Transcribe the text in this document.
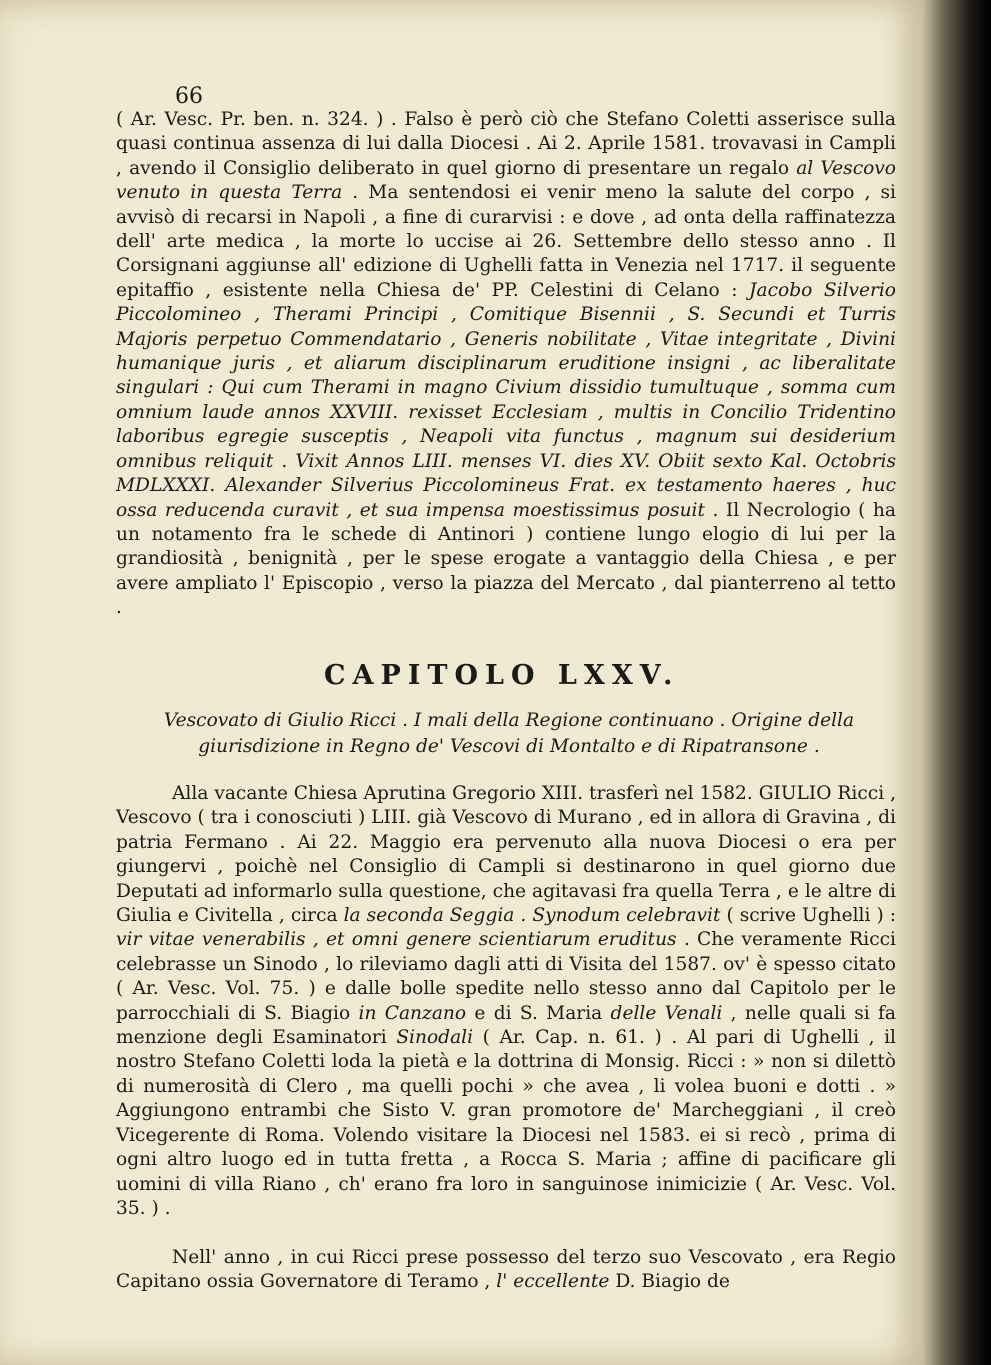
66

( Ar. Vesc. Pr. ben. n. 324. ) . Falso è però ciò che Stefano Coletti asserisce sulla quasi continua assenza di lui dalla Diocesi . Ai 2. Aprile 1581. trovavasi in Campli , avendo il Consiglio deliberato in quel giorno di presentare un regalo al Vescovo venuto in questa Terra . Ma sentendosi ei venir meno la salute del corpo , si avvisò di recarsi in Napoli , a fine di curarvisi : e dove , ad onta della raffinatezza dell' arte medica , la morte lo uccise ai 26. Settembre dello stesso anno . Il Corsignani aggiunse all' edizione di Ughelli fatta in Venezia nel 1717. il seguente epitaffio , esistente nella Chiesa de' PP. Celestini di Celano : Jacobo Silverio Piccolomineo , Therami Principi , Comitique Bisennii , S. Secundi et Turris Majoris perpetuo Commendatario , Generis nobilitate , Vitae integritate , Divini humanique juris , et aliarum disciplinarum eruditione insigni , ac liberalitate singulari : Qui cum Therami in magno Civium dissidio tumultuque , somma cum omnium laude annos XXVIII. rexisset Ecclesiam , multis in Concilio Tridentino laboribus egregie susceptis , Neapoli vita functus , magnum sui desiderium omnibus reliquit . Vixit Annos LIII. menses VI. dies XV. Obiit sexto Kal. Octobris MDLXXXI. Alexander Silverius Piccolomineus Frat. ex testamento haeres , huc ossa reducenda curavit , et sua impensa moestissimus posuit . Il Necrologio ( ha un notamento fra le schede di Antinori ) contiene lungo elogio di lui per la grandiosità , benignità , per le spese erogate a vantaggio della Chiesa , e per avere ampliato l' Episcopio , verso la piazza del Mercato , dal pianterreno al tetto .

Alla vacante Chiesa Aprutina Gregorio XIII. trasferì nel 1582. GIULIO Ricci , Vescovo ( tra i conosciuti ) LIII. già Vescovo di Murano , ed in allora di Gravina , di patria Fermano . Ai 22. Maggio era pervenuto alla nuova Diocesi o era per giungervi , poichè nel Consiglio di Campli si destinarono in quel giorno due Deputati ad informarlo sulla questione, che agitavasi fra quella Terra , e le altre di Giulia e Civitella , circa la seconda Seggia . Synodum celebravit ( scrive Ughelli ) : vir vitae venerabilis , et omni genere scientiarum eruditus . Che veramente Ricci celebrasse un Sinodo , lo rileviamo dagli atti di Visita del 1587. ov' è spesso citato ( Ar. Vesc. Vol. 75. ) e dalle bolle spedite nello stesso anno dal Capitolo per le parrocchiali di S. Biagio in Canzano e di S. Maria delle Venali , nelle quali si fa menzione degli Esaminatori Sinodali ( Ar. Cap. n. 61. ) . Al pari di Ughelli , il nostro Stefano Coletti loda la pietà e la dottrina di Monsig. Ricci : » non si dilettò di numerosità di Clero , ma quelli pochi » che avea , li volea buoni e dotti . » Aggiungono entrambi che Sisto V. gran promotore de' Marcheggiani , il creò Vicegerente di Roma. Volendo visitare la Diocesi nel 1583. ei si recò , prima di ogni altro luogo ed in tutta fretta , a Rocca S. Maria ; affine di pacificare gli uomini di villa Riano , ch' erano fra loro in sanguinose inimicizie ( Ar. Vesc. Vol. 35. ) .

Nell' anno , in cui Ricci prese possesso del terzo suo Vescovato , era Regio Capitano ossia Governatore di Teramo , l' eccellente D. Biagio de

CAPITOLO LXXV.
Vescovato di Giulio Ricci . I mali della Regione continuano . Origine della giurisdizione in Regno de' Vescovi di Montalto e di Ripatransone .
